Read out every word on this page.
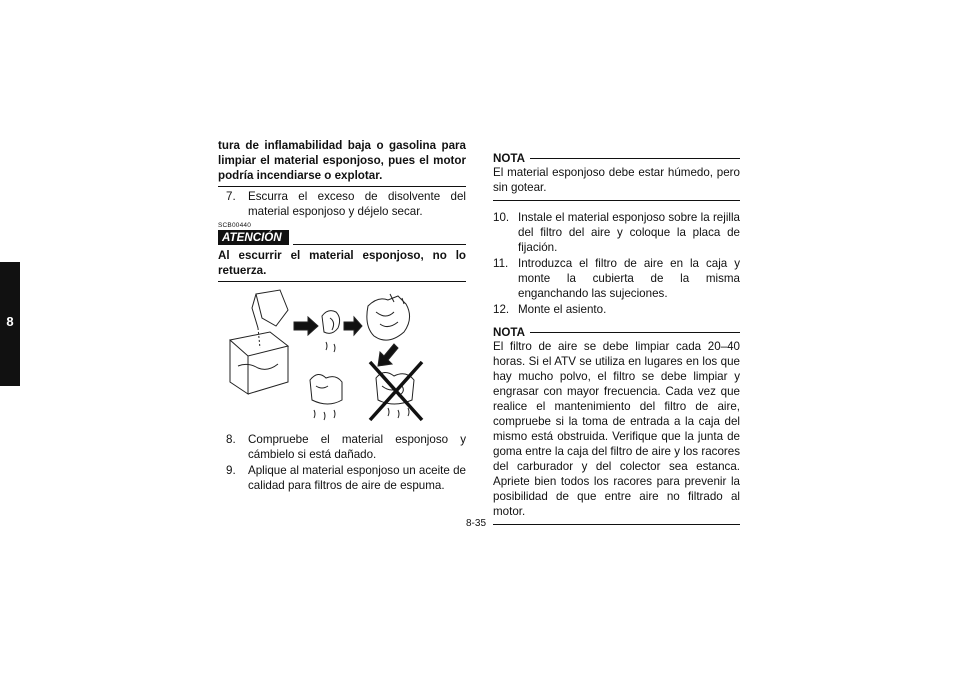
8
tura de inflamabilidad baja o gasolina para limpiar el material esponjoso, pues el motor podría incendiarse o explotar.
7.	Escurra el exceso de disolvente del material esponjoso y déjelo secar.
SCB00440
ATENCIÓN
Al escurrir el material esponjoso, no lo retuerza.
8.	Compruebe el material esponjoso y cámbielo si está dañado.
9.	Aplique al material esponjoso un aceite de calidad para filtros de aire de espuma.
NOTA
El material esponjoso debe estar húmedo, pero sin gotear.
10. Instale el material esponjoso sobre la rejilla del filtro del aire y coloque la placa de fijación.
11. Introduzca el filtro de aire en la caja y monte la cubierta de la misma enganchando las sujeciones.
12. Monte el asiento.
NOTA
El filtro de aire se debe limpiar cada 20–40 horas. Si el ATV se utiliza en lugares en los que hay mucho polvo, el filtro se debe limpiar y engrasar con mayor frecuencia. Cada vez que realice el mantenimiento del filtro de aire, compruebe si la toma de entrada a la caja del mismo está obstruida. Verifique que la junta de goma entre la caja del filtro de aire y los racores del carburador y del colector sea estanca. Apriete bien todos los racores para prevenir la posibilidad de que entre aire no filtrado al motor.
8-35
